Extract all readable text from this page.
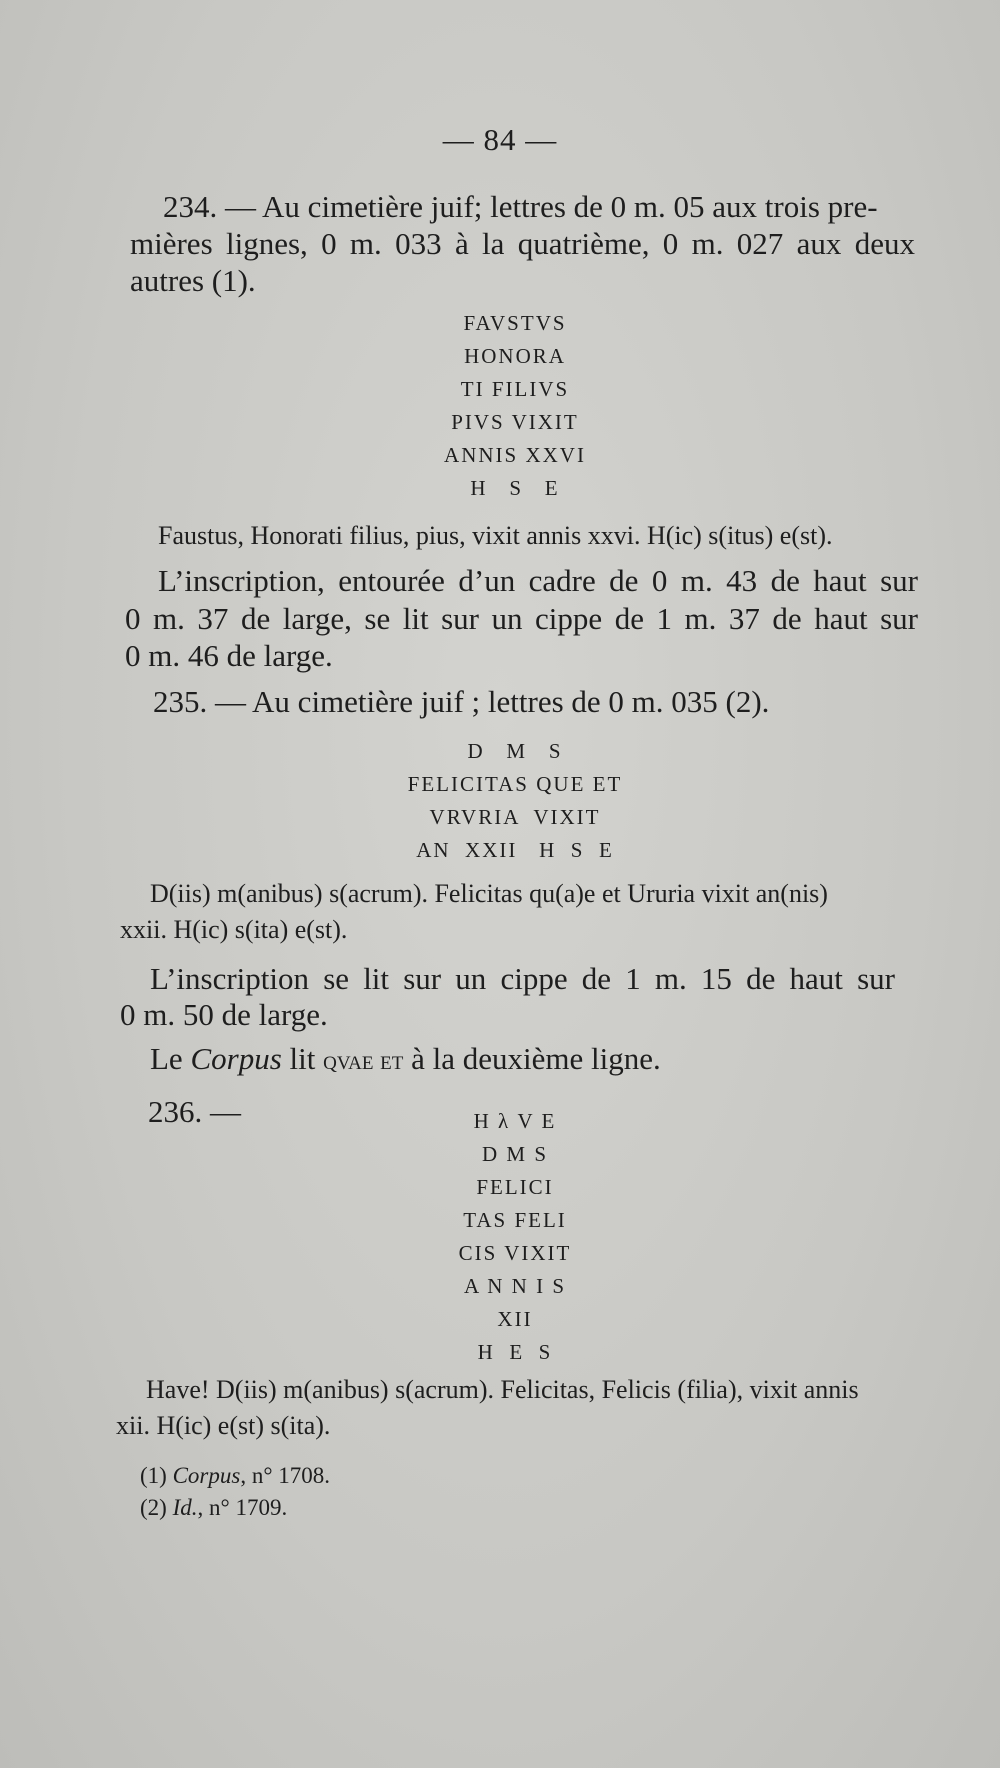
— 84 —
234. — Au cimetière juif; lettres de 0 m. 05 aux trois pre-
mières lignes, 0 m. 033 à la quatrième, 0 m. 027 aux deux
autres (1).
FAVSTVS
HONORA
TI FILIVS
PIVS VIXIT
ANNIS XXVI
H   S   E
Faustus, Honorati filius, pius, vixit annis xxvi. H(ic) s(itus) e(st).
L’inscription, entourée d’un cadre de 0 m. 43 de haut sur
0 m. 37 de large, se lit sur un cippe de 1 m. 37 de haut sur
0 m. 46 de large.
235. — Au cimetière juif ; lettres de 0 m. 035 (2).
D   M   S
FELICITAS QUE ET
VRVRIA  VIXIT
AN  XXII   H  S  E
D(iis) m(anibus) s(acrum). Felicitas qu(a)e et Ururia vixit an(nis)
xxii. H(ic) s(ita) e(st).
L’inscription se lit sur un cippe de 1 m. 15 de haut sur
0 m. 50 de large.
Le Corpus lit qvae et à la deuxième ligne.
236. —	H λ V E
D M S
FELICI
TAS FELI
CIS VIXIT
A N N I S
XII
H  E  S
Have! D(iis) m(anibus) s(acrum). Felicitas, Felicis (filia), vixit annis
xii. H(ic) e(st) s(ita).
(1) Corpus, n° 1708.
(2) Id., n° 1709.
